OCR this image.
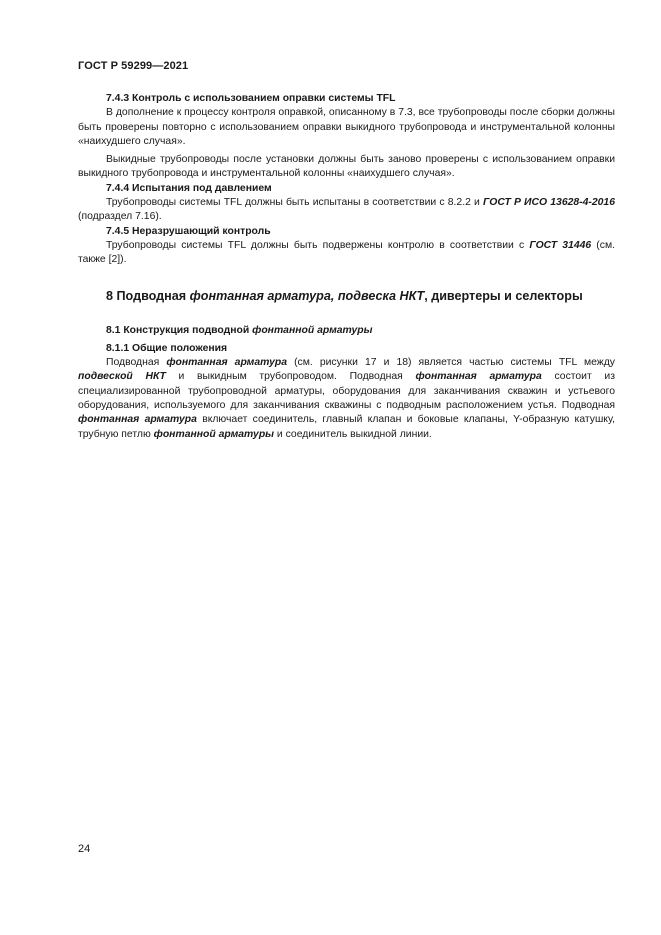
ГОСТ Р 59299—2021

7.4.3 Контроль с использованием оправки системы TFL

В дополнение к процессу контроля оправкой, описанному в 7.3, все трубопроводы после сборки должны быть проверены повторно с использованием оправки выкидного трубопровода и инструментальной колонны «наихудшего случая».

Выкидные трубопроводы после установки должны быть заново проверены с использованием оправки выкидного трубопровода и инструментальной колонны «наихудшего случая».

7.4.4 Испытания под давлением

Трубопроводы системы TFL должны быть испытаны в соответствии с 8.2.2 и ГОСТ Р ИСО 13628-4-2016 (подраздел 7.16).

7.4.5 Неразрушающий контроль

Трубопроводы системы TFL должны быть подвержены контролю в соответствии с ГОСТ 31446 (см. также [2]).

8 Подводная фонтанная арматура, подвеска НКТ, дивертеры и селекторы

8.1 Конструкция подводной фонтанной арматуры

8.1.1 Общие положения

Подводная фонтанная арматура (см. рисунки 17 и 18) является частью системы TFL между подвеской НКТ и выкидным трубопроводом. Подводная фонтанная арматура состоит из специализированной трубопроводной арматуры, оборудования для заканчивания скважин и устьевого оборудования, используемого для заканчивания скважины с подводным расположением устья. Подводная фонтанная арматура включает соединитель, главный клапан и боковые клапаны, Y-образную катушку, трубную петлю фонтанной арматуры и соединитель выкидной линии.

24
